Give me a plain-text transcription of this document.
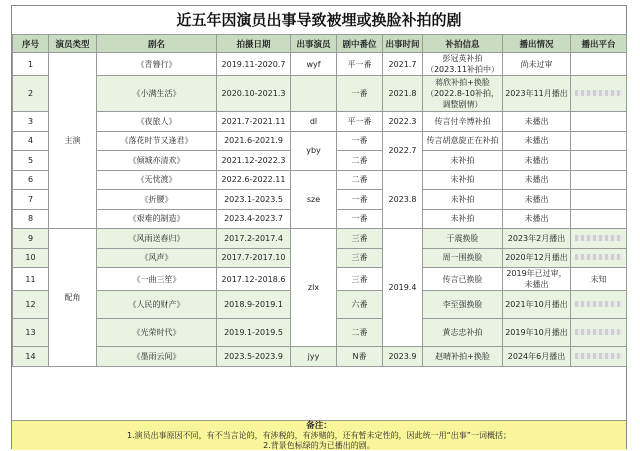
近五年因演员出事导致被埋或换脸补拍的剧
序号	演员类型	剧名	拍摄日期	出事演员	剧中番位	出事时间	补拍信息	播出情况	播出平台
1	主演	《青簪行》	2019.11-2020.7	wyf	平一番	2021.7	彭冠英补拍（2023.11补拍中）	尚未过审	
2		《小满生活》	2020.10-2021.3		一番	2021.8	蒋欣补拍+换脸（2022.8-10补拍，调整剧情）	2023年11月播出	
3		《夜旅人》	2021.7-2021.11	dl	平一番	2022.3	传言付辛博补拍	未播出	
4		《落花时节又逢君》	2021.6-2021.9	yby	一番	2022.7	传言胡意旋正在补拍	未播出	
5		《倾城亦清欢》	2021.12-2022.3		二番		未补拍	未播出	
6		《无忧渡》	2022.6-2022.11	sze	二番	2023.8	未补拍	未播出	
7		《折腰》	2023.1-2023.5		一番		未补拍	未播出	
8		《艰难的制造》	2023.4-2023.7		一番		未补拍	未播出	
9	配角	《风雨送春归》	2017.2-2017.4	zlx	三番	2019.4	于震换脸	2023年2月播出	
10		《风声》	2017.7-2017.10		三番		周一围换脸	2020年12月播出	
11		《一曲三笙》	2017.12-2018.6		三番		传言已换脸	2019年已过审，未播出	未知
12		《人民的财产》	2018.9-2019.1		六番		李至强换脸	2021年10月播出	
13		《光荣时代》	2019.1-2019.5		二番		黄志忠补拍	2019年10月播出	
14		《墨雨云间》	2023.5-2023.9	jyy	N番	2023.9	赵晴补拍+换脸	2024年6月播出	
备注：
1.演员出事原因不同，有不当言论的，有涉税的，有涉赌的，还有暂未定性的，因此统一用“出事”一词概括；
2.背景色标绿的为已播出的剧。
